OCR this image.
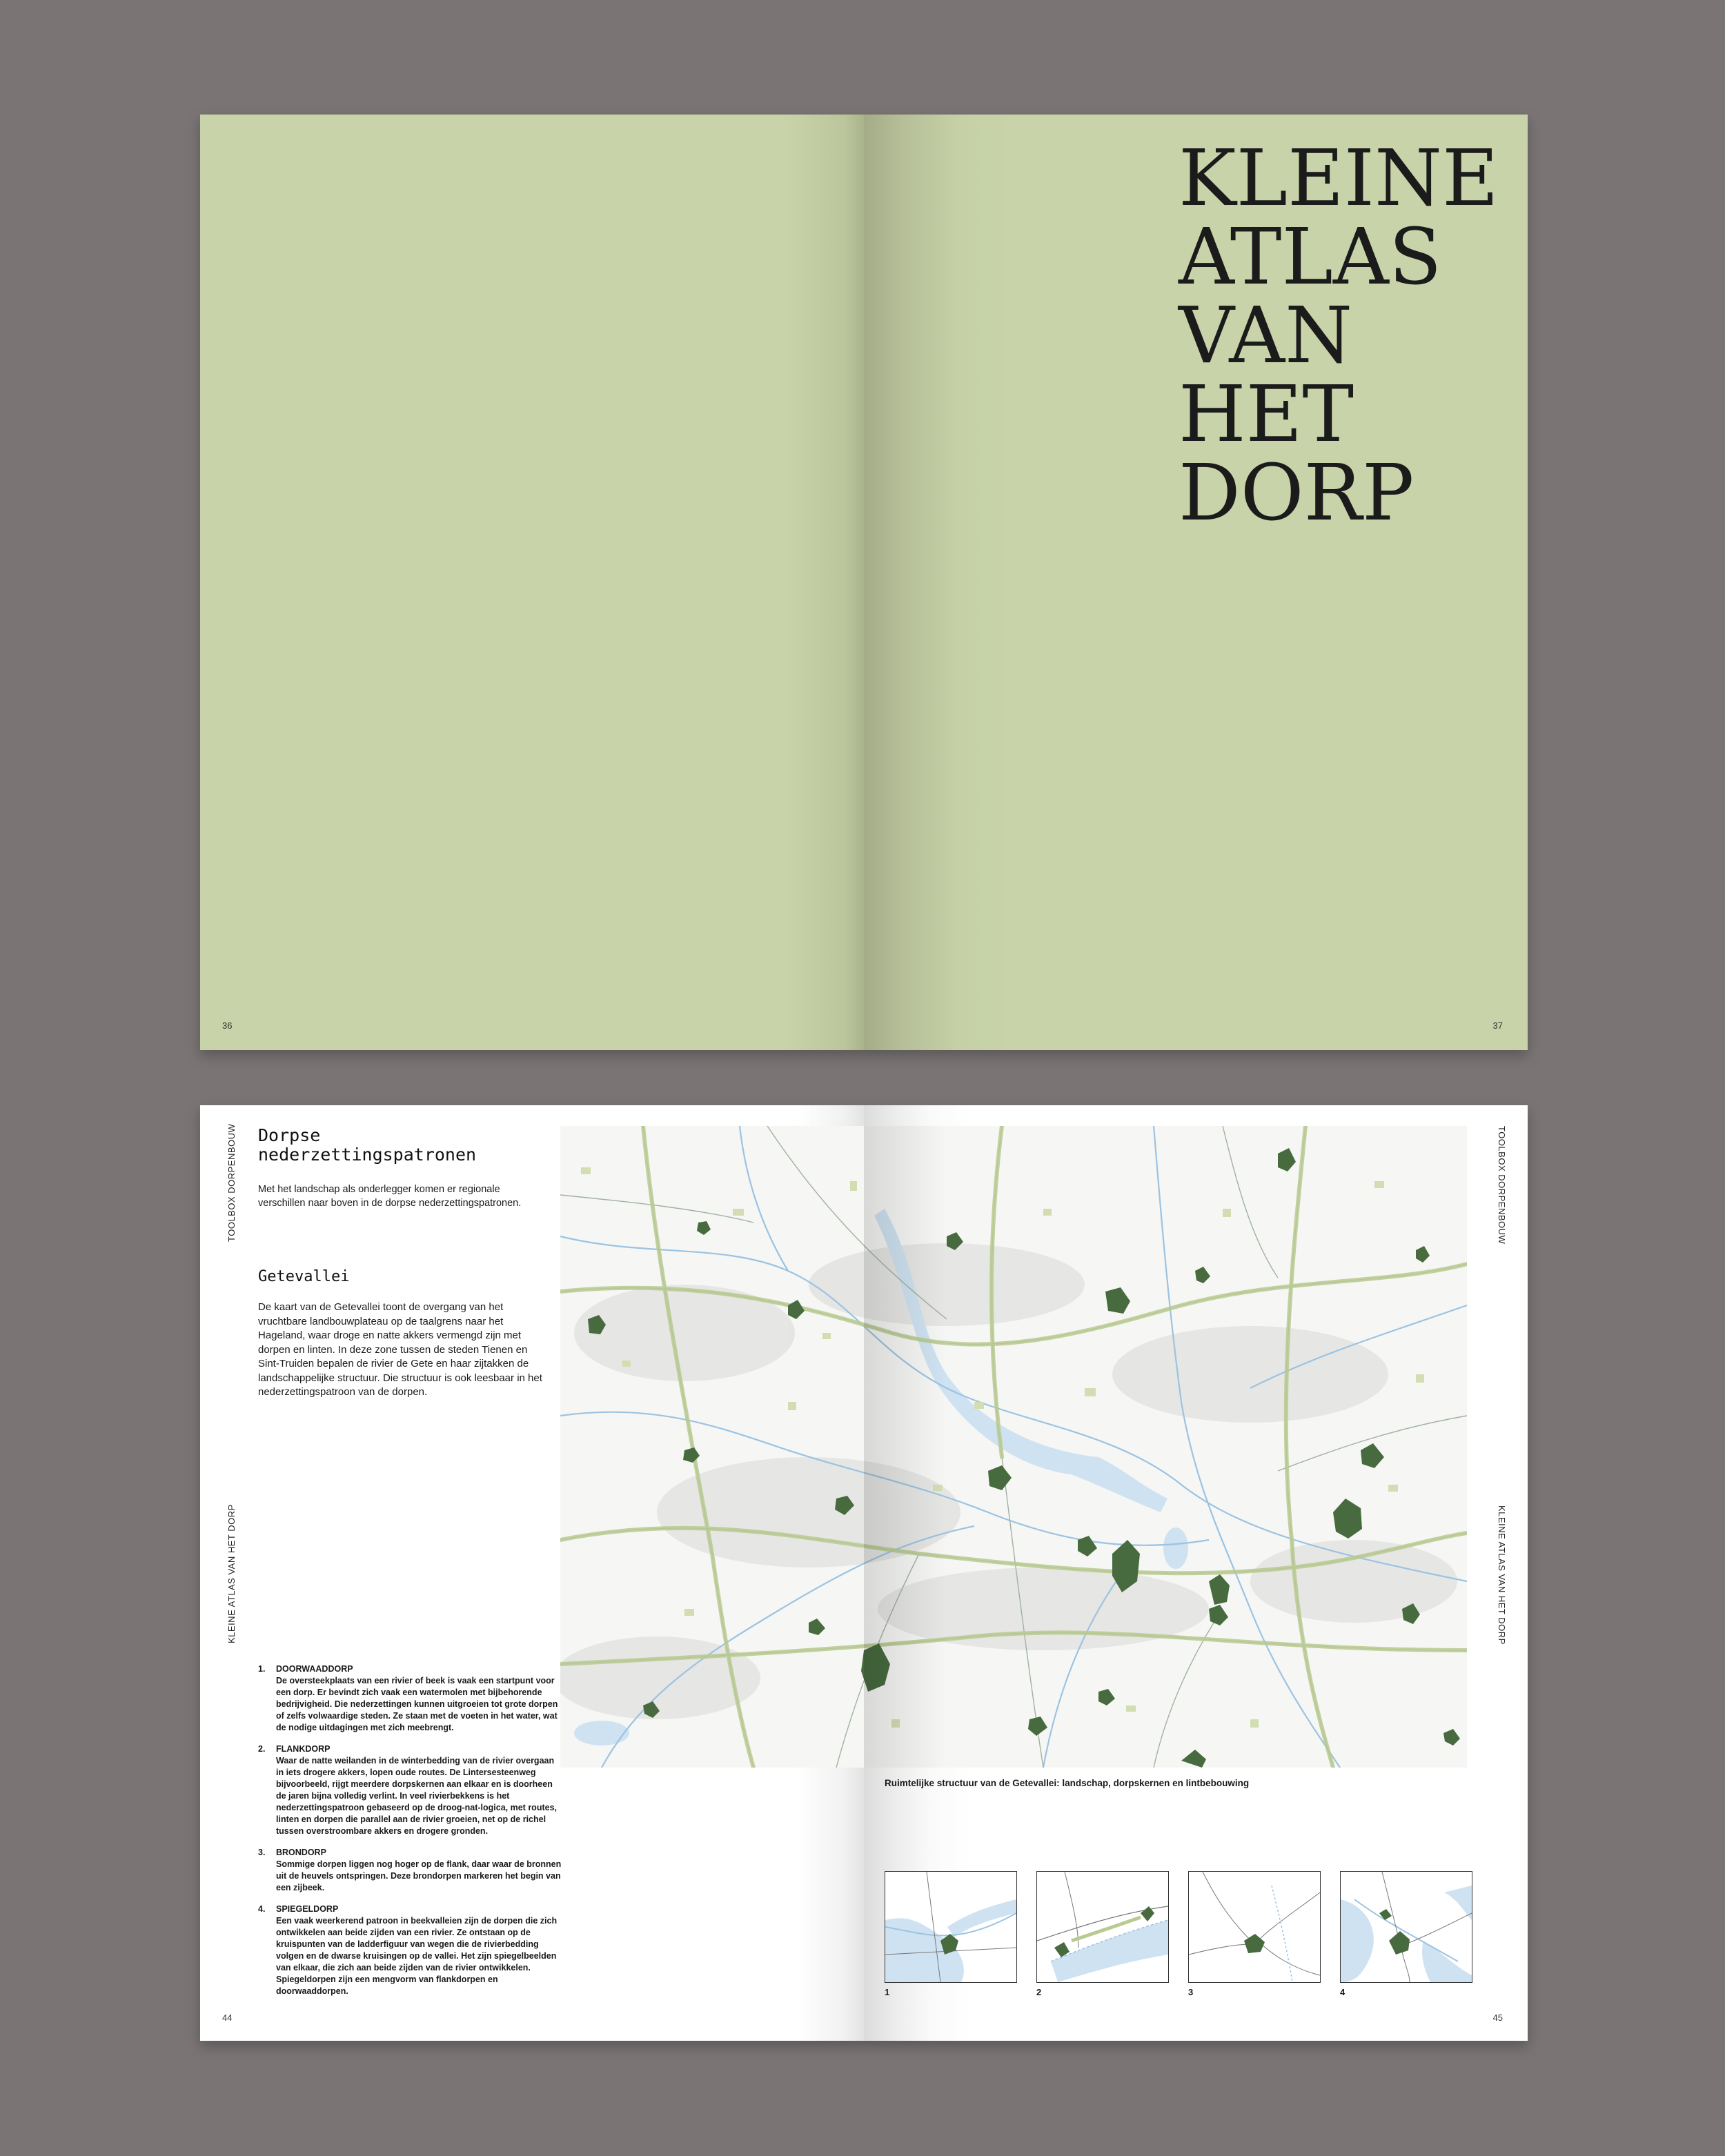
36
KLEINE
ATLAS
VAN
HET
DORP
37
TOOLBOX DORPENBOUW
KLEINE ATLAS VAN HET DORP
Dorpse nederzettingspatronen

Met het landschap als onderlegger komen er regionale verschillen naar boven in de dorpse nederzettingspatronen.

Getevallei

De kaart van de Getevallei toont de overgang van het vruchtbare landbouwplateau op de taalgrens naar het Hageland, waar droge en natte akkers vermengd zijn met dorpen en linten. In deze zone tussen de steden Tienen en Sint-Truiden bepalen de rivier de Gete en haar zijtakken de landschappelijke structuur. Die structuur is ook leesbaar in het nederzettingspatroon van de dorpen.

1. DOORWAADDORP
De oversteekplaats van een rivier of beek is vaak een startpunt voor een dorp. Er bevindt zich vaak een watermolen met bijbehorende bedrijvigheid. Die nederzettingen kunnen uitgroeien tot grote dorpen of zelfs volwaardige steden. Ze staan met de voeten in het water, wat de nodige uitdagingen met zich meebrengt.
2. FLANKDORP
Waar de natte weilanden in de winterbedding van de rivier overgaan in iets drogere akkers, lopen oude routes. De Lintersesteenweg bijvoorbeeld, rijgt meerdere dorpskernen aan elkaar en is doorheen de jaren bijna volledig verlint. In veel rivierbekkens is het nederzettingspatroon gebaseerd op de droog-nat-logica, met routes, linten en dorpen die parallel aan de rivier groeien, net op de richel tussen overstroombare akkers en drogere gronden.
3. BRONDORP
Sommige dorpen liggen nog hoger op de flank, daar waar de bronnen uit de heuvels ontspringen. Deze brondorpen markeren het begin van een zijbeek.
4. SPIEGELDORP
Een vaak weerkerend patroon in beekvalleien zijn de dorpen die zich ontwikkelen aan beide zijden van een rivier. Ze ontstaan op de kruispunten van de ladderfiguur van wegen die de rivierbedding volgen en de dwarse kruisingen op de vallei. Het zijn spiegelbeelden van elkaar, die zich aan beide zijden van de rivier ontwikkelen. Spiegeldorpen zijn een mengvorm van flankdorpen en doorwaaddorpen.
44
TOOLBOX DORPENBOUW
KLEINE ATLAS VAN HET DORP

Ruimtelijke structuur van de Getevallei: landschap, dorpskernen en lintbebouwing

1	2	3	4
45
